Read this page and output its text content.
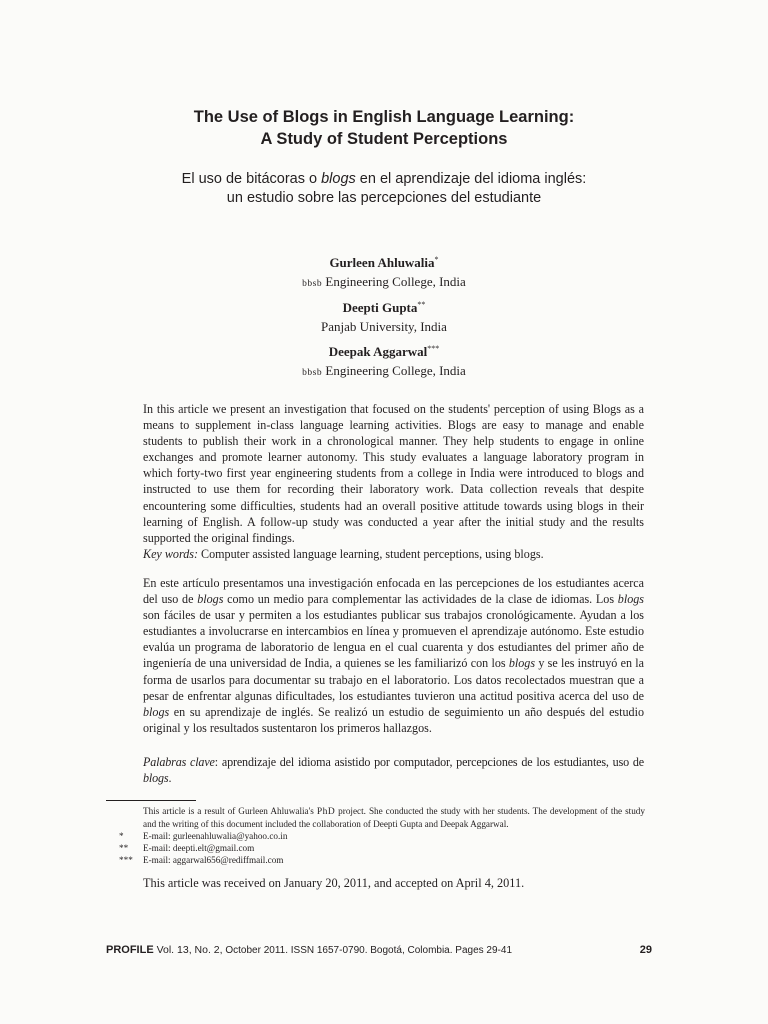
The Use of Blogs in English Language Learning:
A Study of Student Perceptions
El uso de bitácoras o blogs en el aprendizaje del idioma inglés:
un estudio sobre las percepciones del estudiante
Gurleen Ahluwalia*
bbsb Engineering College, India
Deepti Gupta**
Panjab University, India
Deepak Aggarwal***
bbsb Engineering College, India

In this article we present an investigation that focused on the students' perception of using Blogs as a means to supplement in-class language learning activities. Blogs are easy to manage and enable students to publish their work in a chronological manner. They help students to engage in online exchanges and promote learner autonomy. This study evaluates a language laboratory program in which forty-two first year engineering students from a college in India were introduced to blogs and instructed to use them for recording their laboratory work. Data collection reveals that despite encountering some difficulties, students had an overall positive attitude towards using blogs in their learning of English. A follow-up study was conducted a year after the initial study and the results supported the original findings.

Key words: Computer assisted language learning, student perceptions, using blogs.

En este artículo presentamos una investigación enfocada en las percepciones de los estudiantes acerca del uso de blogs como un medio para complementar las actividades de la clase de idiomas. Los blogs son fáciles de usar y permiten a los estudiantes publicar sus trabajos cronológicamente. Ayudan a los estudiantes a involucrarse en intercambios en línea y promueven el aprendizaje autónomo. Este estudio evalúa un programa de laboratorio de lengua en el cual cuarenta y dos estudiantes del primer año de ingeniería de una universidad de India, a quienes se les familiarizó con los blogs y se les instruyó en la forma de usarlos para documentar su trabajo en el laboratorio. Los datos recolectados muestran que a pesar de enfrentar algunas dificultades, los estudiantes tuvieron una actitud positiva acerca del uso de blogs en su aprendizaje de inglés. Se realizó un estudio de seguimiento un año después del estudio original y los resultados sustentaron los primeros hallazgos.

Palabras clave: aprendizaje del idioma asistido por computador, percepciones de los estudiantes, uso de blogs.

This article is a result of Gurleen Ahluwalia's PhD project. She conducted the study with her students. The development of the study and the writing of this document included the collaboration of Deepti Gupta and Deepak Aggarwal.

*	E-mail: gurleenahluwalia@yahoo.co.in
**	E-mail: deepti.elt@gmail.com
***	E-mail: aggarwal656@rediffmail.com
This article was received on January 20, 2011, and accepted on April 4, 2011.
PROFILE Vol. 13, No. 2, October 2011. ISSN 1657-0790. Bogotá, Colombia. Pages 29-41	29
